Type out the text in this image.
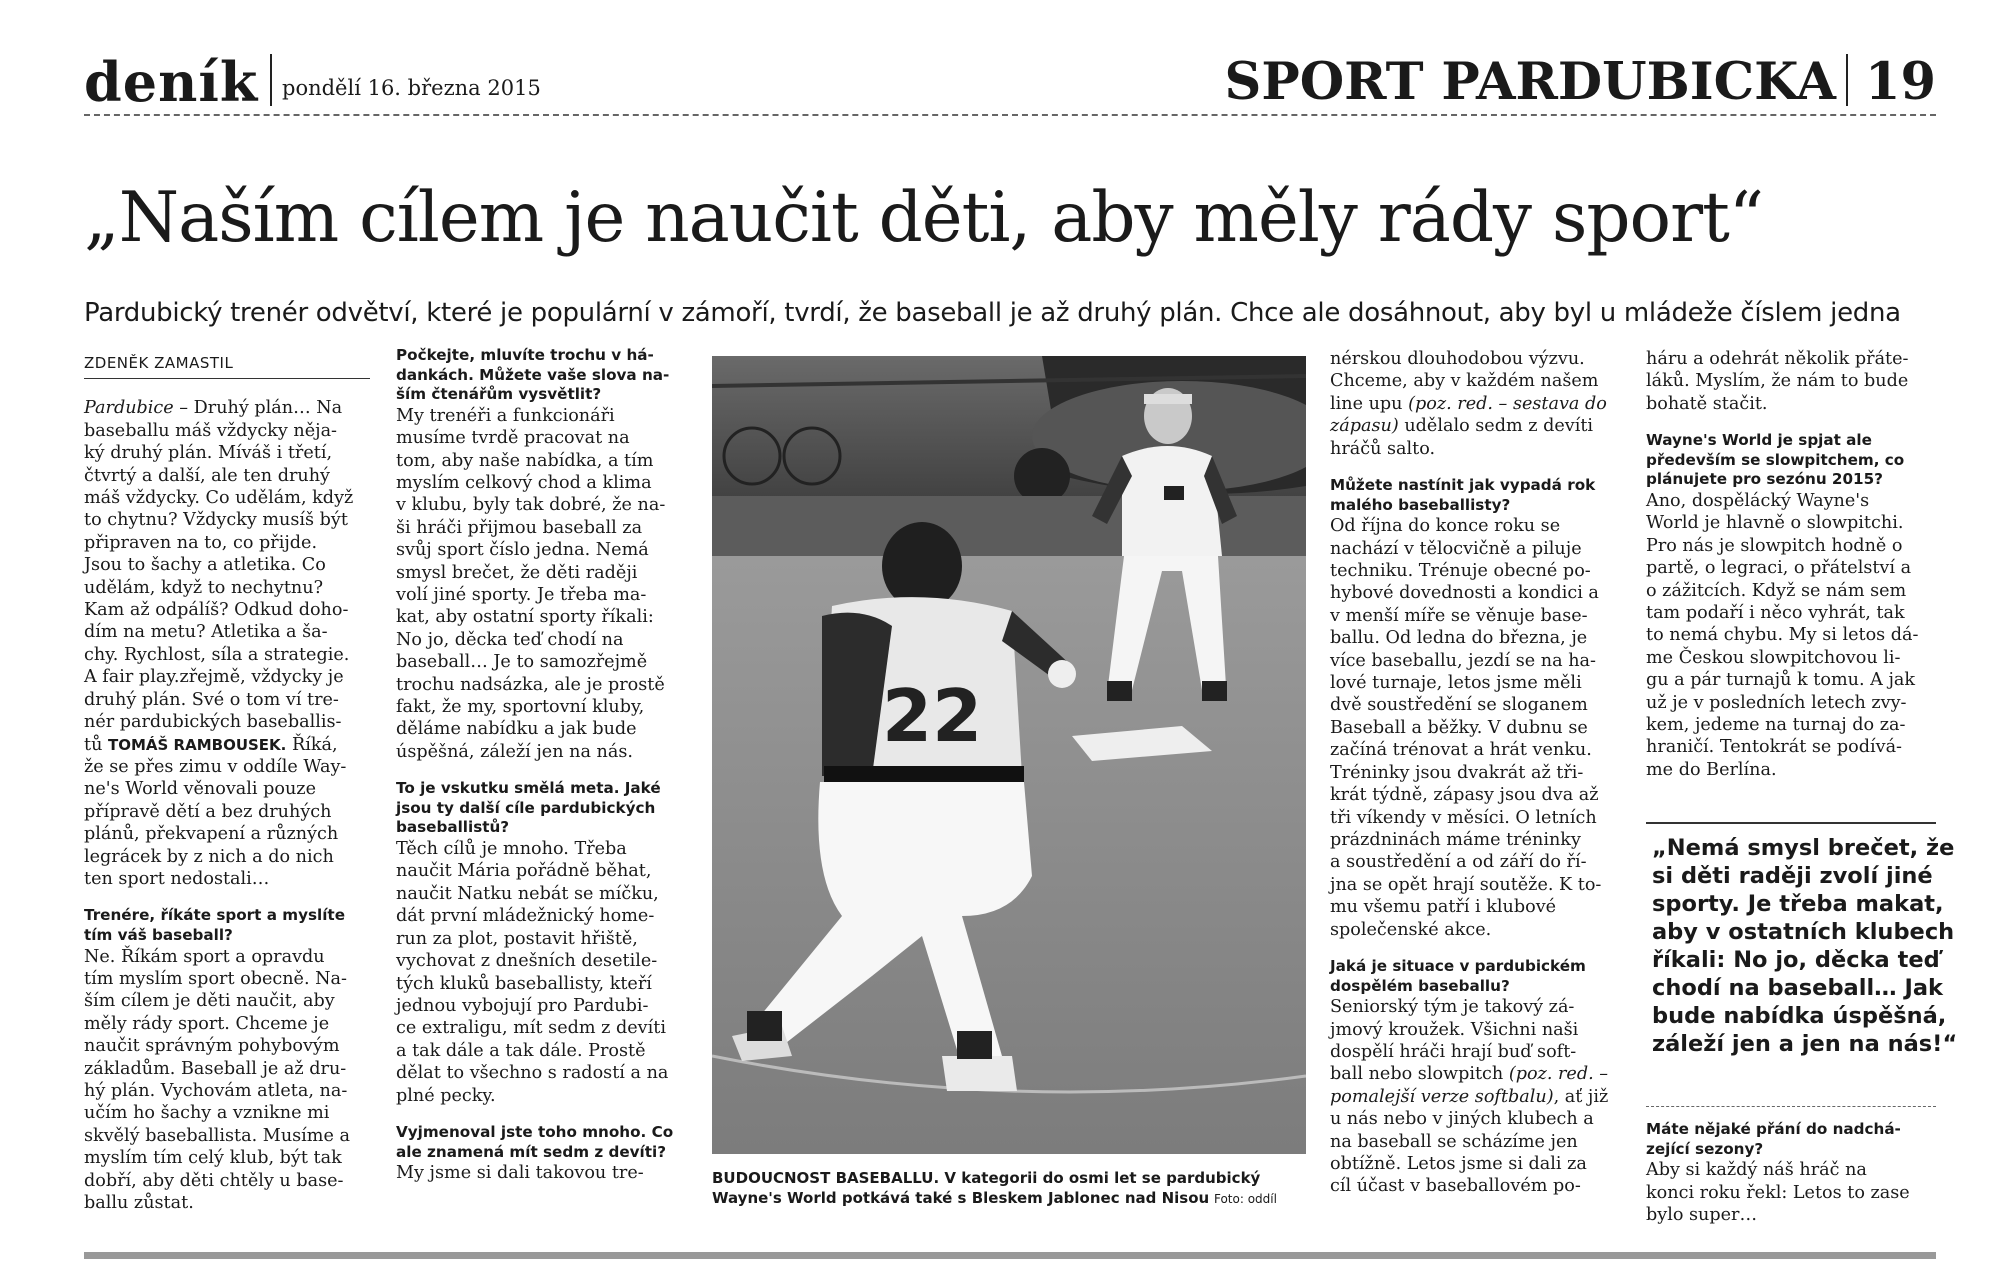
deník pondělí 16. března 2015	SPORT PARDUBICKA 19
„Naším cílem je naučit děti, aby měly rády sport“
Pardubický trenér odvětví, které je populární v zámoří, tvrdí, že baseball je až druhý plán. Chce ale dosáhnout, aby byl u mládeže číslem jedna
ZDENĚK ZAMASTIL
Pardubice – Druhý plán… Na
baseballu máš vždycky něja-
ký druhý plán. Míváš i třetí,
čtvrtý a další, ale ten druhý
máš vždycky. Co udělám, když
to chytnu? Vždycky musíš být
připraven na to, co přijde.
Jsou to šachy a atletika. Co
udělám, když to nechytnu?
Kam až odpálíš? Odkud doho-
dím na metu? Atletika a ša-
chy. Rychlost, síla a strategie.
A fair play.zřejmě, vždycky je
druhý plán. Své o tom ví tre-
nér pardubických baseballis-
tů TOMÁŠ RAMBOUSEK. Říká,
že se přes zimu v oddíle Way-
ne's World věnovali pouze
přípravě dětí a bez druhých
plánů, překvapení a různých
legrácek by z nich a do nich
ten sport nedostali…
Trenére, říkáte sport a myslíte
tím váš baseball?
Ne. Říkám sport a opravdu
tím myslím sport obecně. Na-
ším cílem je děti naučit, aby
měly rády sport. Chceme je
naučit správným pohybovým
základům. Baseball je až dru-
hý plán. Vychovám atleta, na-
učím ho šachy a vznikne mi
skvělý baseballista. Musíme a
myslím tím celý klub, být tak
dobří, aby děti chtěly u base-
ballu zůstat.
Počkejte, mluvíte trochu v há-
dankách. Můžete vaše slova na-
ším čtenářům vysvětlit?
My trenéři a funkcionáři
musíme tvrdě pracovat na
tom, aby naše nabídka, a tím
myslím celkový chod a klima
v klubu, byly tak dobré, že na-
ši hráči přijmou baseball za
svůj sport číslo jedna. Nemá
smysl brečet, že děti raději
volí jiné sporty. Je třeba ma-
kat, aby ostatní sporty říkali:
No jo, děcka teď chodí na
baseball… Je to samozřejmě
trochu nadsázka, ale je prostě
fakt, že my, sportovní kluby,
děláme nabídku a jak bude
úspěšná, záleží jen na nás.
To je vskutku smělá meta. Jaké
jsou ty další cíle pardubických
baseballistů?
Těch cílů je mnoho. Třeba
naučit Mária pořádně běhat,
naučit Natku nebát se míčku,
dát první mládežnický home-
run za plot, postavit hřiště,
vychovat z dnešních desetile-
tých kluků baseballisty, kteří
jednou vybojují pro Pardubi-
ce extraligu, mít sedm z devíti
a tak dále a tak dále. Prostě
dělat to všechno s radostí a na
plné pecky.
Vyjmenoval jste toho mnoho. Co
ale znamená mít sedm z devíti?
My jsme si dali takovou tre-
22
BUDOUCNOST BASEBALLU. V kategorii do osmi let se pardubický
Wayne's World potkává také s Bleskem Jablonec nad Nisou Foto: oddíl
nérskou dlouhodobou výzvu.
Chceme, aby v každém našem
line upu (poz. red. – sestava do
zápasu) udělalo sedm z devíti
hráčů salto.
Můžete nastínit jak vypadá rok
malého baseballisty?
Od října do konce roku se
nachází v tělocvičně a piluje
techniku. Trénuje obecné po-
hybové dovednosti a kondici a
v menší míře se věnuje base-
ballu. Od ledna do března, je
více baseballu, jezdí se na ha-
lové turnaje, letos jsme měli
dvě soustředění se sloganem
Baseball a běžky. V dubnu se
začíná trénovat a hrát venku.
Tréninky jsou dvakrát až tři-
krát týdně, zápasy jsou dva až
tři víkendy v měsíci. O letních
prázdninách máme tréninky
a soustředění a od září do ří-
jna se opět hrají soutěže. K to-
mu všemu patří i klubové
společenské akce.
Jaká je situace v pardubickém
dospělém baseballu?
Seniorský tým je takový zá-
jmový kroužek. Všichni naši
dospělí hráči hrají buď soft-
ball nebo slowpitch (poz. red. –
pomalejší verze softbalu), ať již
u nás nebo v jiných klubech a
na baseball se scházíme jen
obtížně. Letos jsme si dali za
cíl účast v baseballovém po-
háru a odehrát několik přáte-
láků. Myslím, že nám to bude
bohatě stačit.
Wayne's World je spjat ale
především se slowpitchem, co
plánujete pro sezónu 2015?
Ano, dospělácký Wayne's
World je hlavně o slowpitchi.
Pro nás je slowpitch hodně o
partě, o legraci, o přátelství a
o zážitcích. Když se nám sem
tam podaří i něco vyhrát, tak
to nemá chybu. My si letos dá-
me Českou slowpitchovou li-
gu a pár turnajů k tomu. A jak
už je v posledních letech zvy-
kem, jedeme na turnaj do za-
hraničí. Tentokrát se podívá-
me do Berlína.
„Nemá smysl brečet, že
si děti raději zvolí jiné
sporty. Je třeba makat,
aby v ostatních klubech
říkali: No jo, děcka teď
chodí na baseball… Jak
bude nabídka úspěšná,
záleží jen a jen na nás!“
Máte nějaké přání do nadchá-
zející sezony?
Aby si každý náš hráč na
konci roku řekl: Letos to zase
bylo super…
